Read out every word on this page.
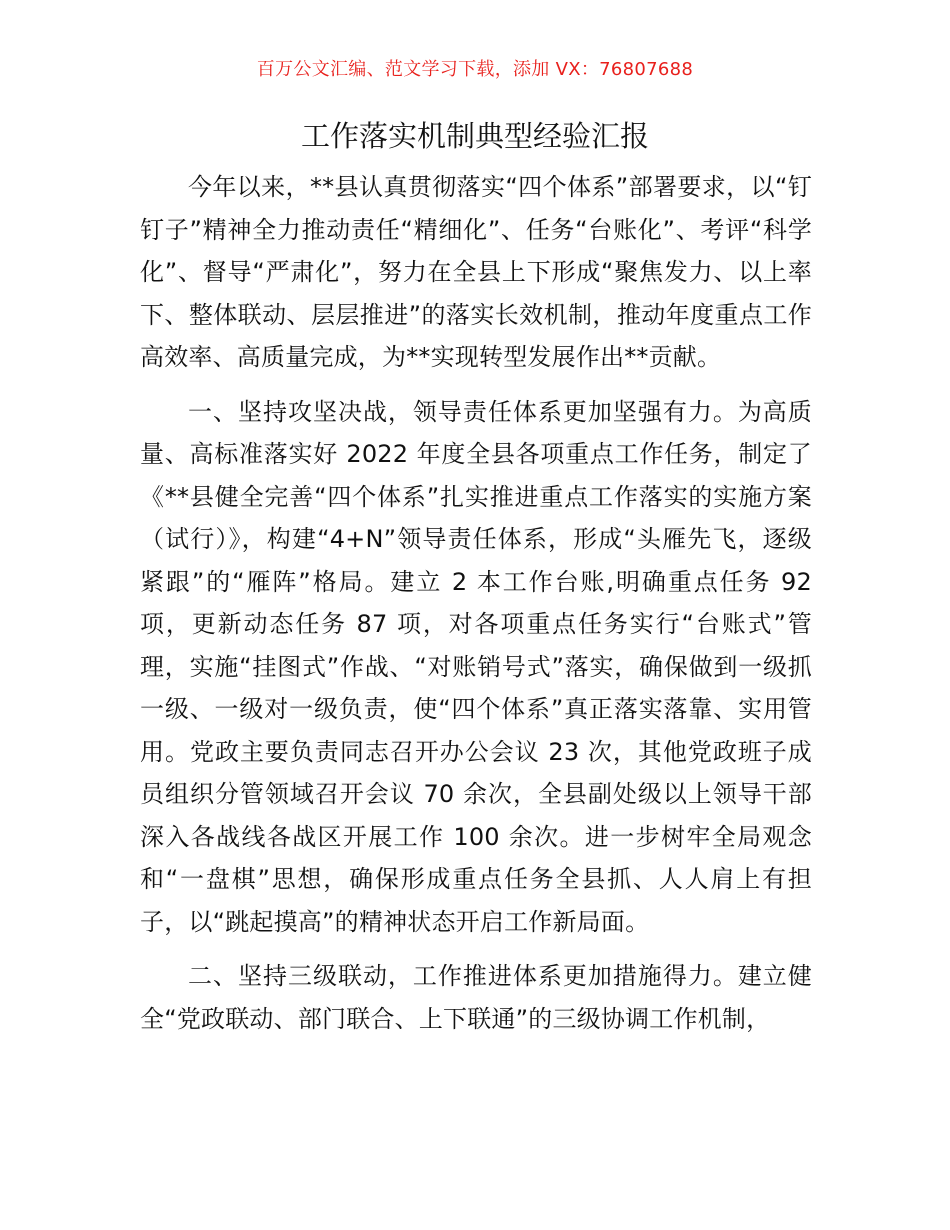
百万公文汇编、范文学习下载，添加 VX：76807688
工作落实机制典型经验汇报

今年以来，**县认真贯彻落实“四个体系”部署要求，以“钉钉子”精神全力推动责任“精细化”、任务“台账化”、考评“科学化”、督导“严肃化”，努力在全县上下形成“聚焦发力、以上率下、整体联动、层层推进”的落实长效机制，推动年度重点工作高效率、高质量完成，为**实现转型发展作出**贡献。

一、坚持攻坚决战，领导责任体系更加坚强有力。为高质量、高标准落实好 2022 年度全县各项重点工作任务，制定了《**县健全完善“四个体系”扎实推进重点工作落实的实施方案（试行）》，构建“4+N”领导责任体系，形成“头雁先飞，逐级紧跟”的“雁阵”格局。建立 2 本工作台账,明确重点任务 92 项，更新动态任务 87 项，对各项重点任务实行“台账式”管理，实施“挂图式”作战、“对账销号式”落实，确保做到一级抓一级、一级对一级负责，使“四个体系”真正落实落靠、实用管用。党政主要负责同志召开办公会议 23 次，其他党政班子成员组织分管领域召开会议 70 余次，全县副处级以上领导干部深入各战线各战区开展工作 100 余次。进一步树牢全局观念和“一盘棋”思想，确保形成重点任务全县抓、人人肩上有担子，以“跳起摸高”的精神状态开启工作新局面。

二、坚持三级联动，工作推进体系更加措施得力。建立健全“党政联动、部门联合、上下联通”的三级协调工作机制，
